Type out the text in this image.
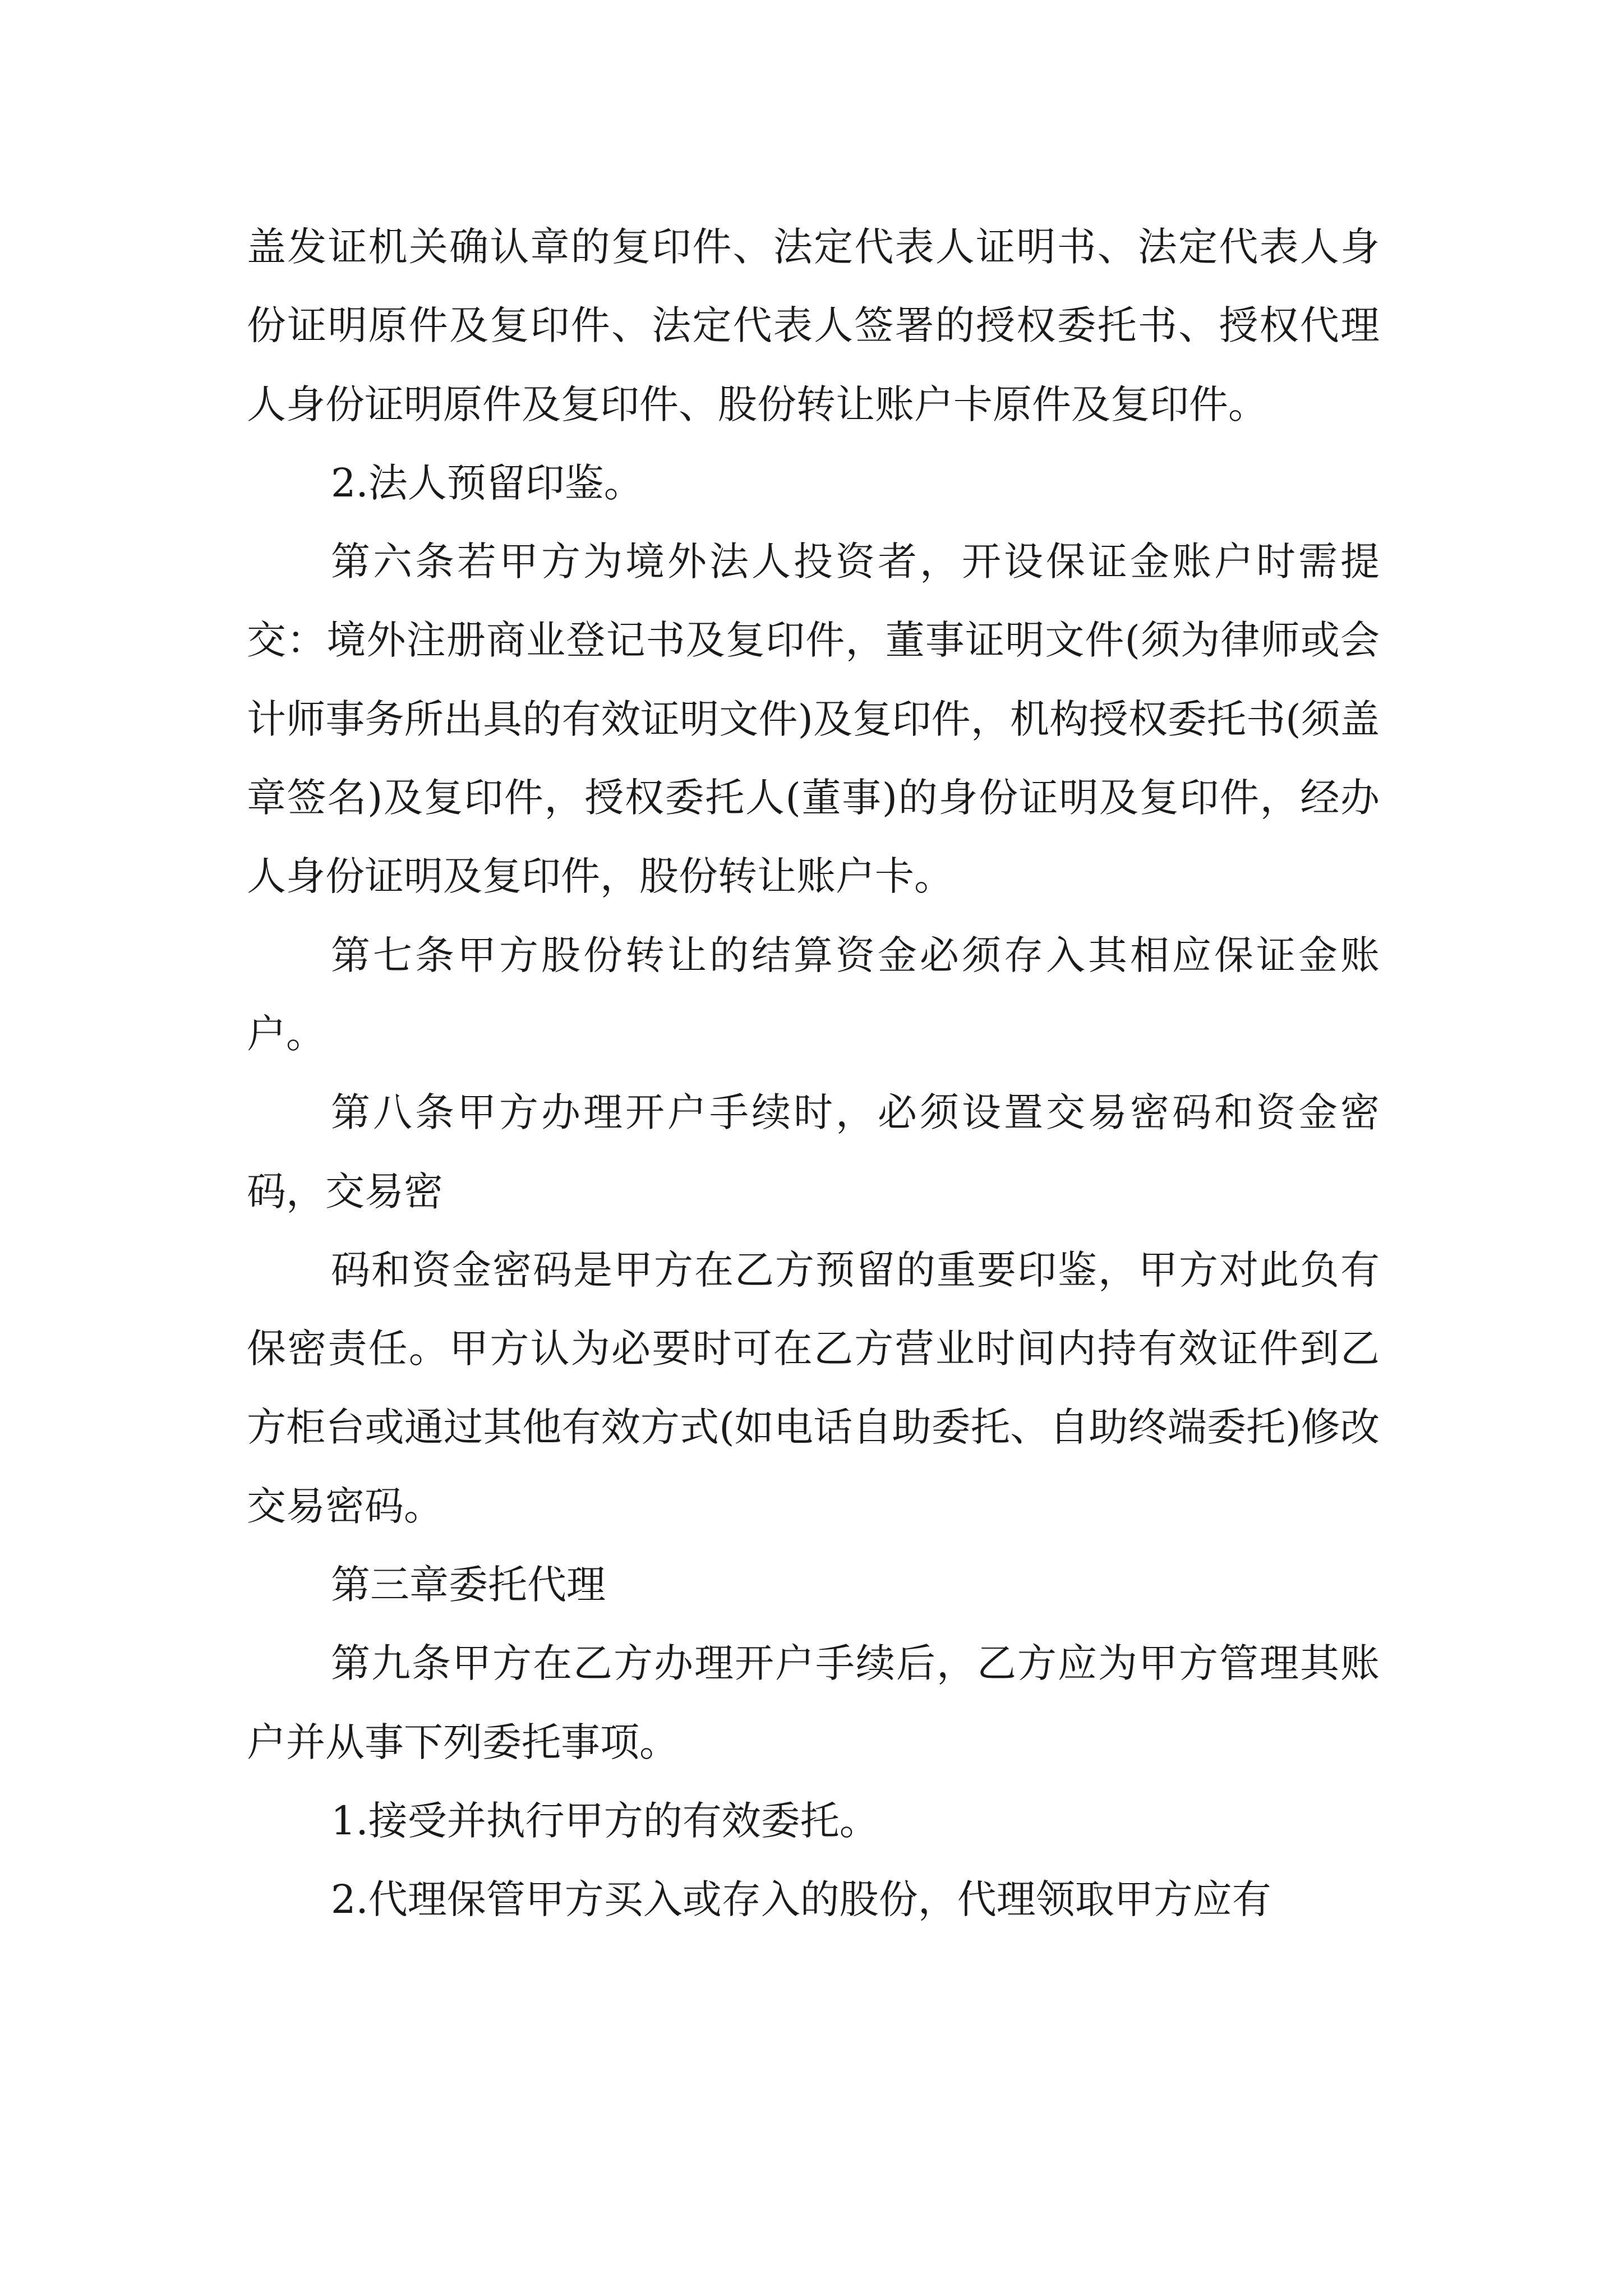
盖发证机关确认章的复印件、法定代表人证明书、法定代表人身份证明原件及复印件、法定代表人签署的授权委托书、授权代理人身份证明原件及复印件、股份转让账户卡原件及复印件。

2.法人预留印鉴。

第六条若甲方为境外法人投资者，开设保证金账户时需提交：境外注册商业登记书及复印件，董事证明文件(须为律师或会计师事务所出具的有效证明文件)及复印件，机构授权委托书(须盖章签名)及复印件，授权委托人(董事)的身份证明及复印件，经办人身份证明及复印件，股份转让账户卡。

第七条甲方股份转让的结算资金必须存入其相应保证金账户。

第八条甲方办理开户手续时，必须设置交易密码和资金密码，交易密

码和资金密码是甲方在乙方预留的重要印鉴，甲方对此负有保密责任。甲方认为必要时可在乙方营业时间内持有效证件到乙方柜台或通过其他有效方式(如电话自助委托、自助终端委托)修改交易密码。

第三章委托代理

第九条甲方在乙方办理开户手续后，乙方应为甲方管理其账户并从事下列委托事项。

1.接受并执行甲方的有效委托。

2.代理保管甲方买入或存入的股份，代理领取甲方应有
